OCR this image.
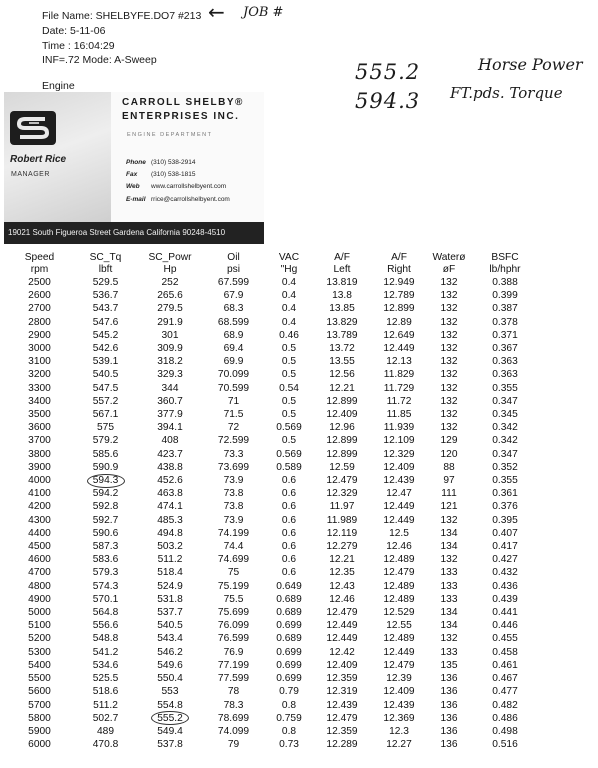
File Name: SHELBYFE.DO7 #213
Date: 5-11-06
Time : 16:04:29
INF=.72 Mode: A-Sweep
Engine
← JOB #
555.2	Horse Power
594.3 FT.pds. Torque
Robert Rice
MANAGER
CARROLL SHELBY®
ENTERPRISES INC.
ENGINE DEPARTMENT
Phone (310) 538-2914
Fax (310) 538-1815
Web www.carrollshelbyent.com
E-mail rrice@carrollshelbyent.com
19021 South Figueroa Street Gardena California 90248-4510
Speed	SC_Tq	SC_Powr	Oil	VAC	A/F	A/F	Waterø	BSFC
rpm	lbft	Hp	psi	"Hg	Left	Right	øF	lb/hphr
2500	529.5	252	67.599	0.4	13.819	12.949	132	0.388
2600	536.7	265.6	67.9	0.4	13.8	12.789	132	0.399
2700	543.7	279.5	68.3	0.4	13.85	12.899	132	0.387
2800	547.6	291.9	68.599	0.4	13.829	12.89	132	0.378
2900	545.2	301	68.9	0.46	13.789	12.649	132	0.371
3000	542.6	309.9	69.4	0.5	13.72	12.449	132	0.367
3100	539.1	318.2	69.9	0.5	13.55	12.13	132	0.363
3200	540.5	329.3	70.099	0.5	12.56	11.829	132	0.363
3300	547.5	344	70.599	0.54	12.21	11.729	132	0.355
3400	557.2	360.7	71	0.5	12.899	11.72	132	0.347
3500	567.1	377.9	71.5	0.5	12.409	11.85	132	0.345
3600	575	394.1	72	0.569	12.96	11.939	132	0.342
3700	579.2	408	72.599	0.5	12.899	12.109	129	0.342
3800	585.6	423.7	73.3	0.569	12.899	12.329	120	0.347
3900	590.9	438.8	73.699	0.589	12.59	12.409	88	0.352
4000	594.3	452.6	73.9	0.6	12.479	12.439	97	0.355
4100	594.2	463.8	73.8	0.6	12.329	12.47	111	0.361
4200	592.8	474.1	73.8	0.6	11.97	12.449	121	0.376
4300	592.7	485.3	73.9	0.6	11.989	12.449	132	0.395
4400	590.6	494.8	74.199	0.6	12.119	12.5	134	0.407
4500	587.3	503.2	74.4	0.6	12.279	12.46	134	0.417
4600	583.6	511.2	74.699	0.6	12.21	12.489	132	0.427
4700	579.3	518.4	75	0.6	12.35	12.479	133	0.432
4800	574.3	524.9	75.199	0.649	12.43	12.489	133	0.436
4900	570.1	531.8	75.5	0.689	12.46	12.489	133	0.439
5000	564.8	537.7	75.699	0.689	12.479	12.529	134	0.441
5100	556.6	540.5	76.099	0.699	12.449	12.55	134	0.446
5200	548.8	543.4	76.599	0.689	12.449	12.489	132	0.455
5300	541.2	546.2	76.9	0.699	12.42	12.449	133	0.458
5400	534.6	549.6	77.199	0.699	12.409	12.479	135	0.461
5500	525.5	550.4	77.599	0.699	12.359	12.39	136	0.467
5600	518.6	553	78	0.79	12.319	12.409	136	0.477
5700	511.2	554.8	78.3	0.8	12.439	12.439	136	0.482
5800	502.7	555.2	78.699	0.759	12.479	12.369	136	0.486
5900	489	549.4	74.099	0.8	12.359	12.3	136	0.498
6000	470.8	537.8	79	0.73	12.289	12.27	136	0.516
